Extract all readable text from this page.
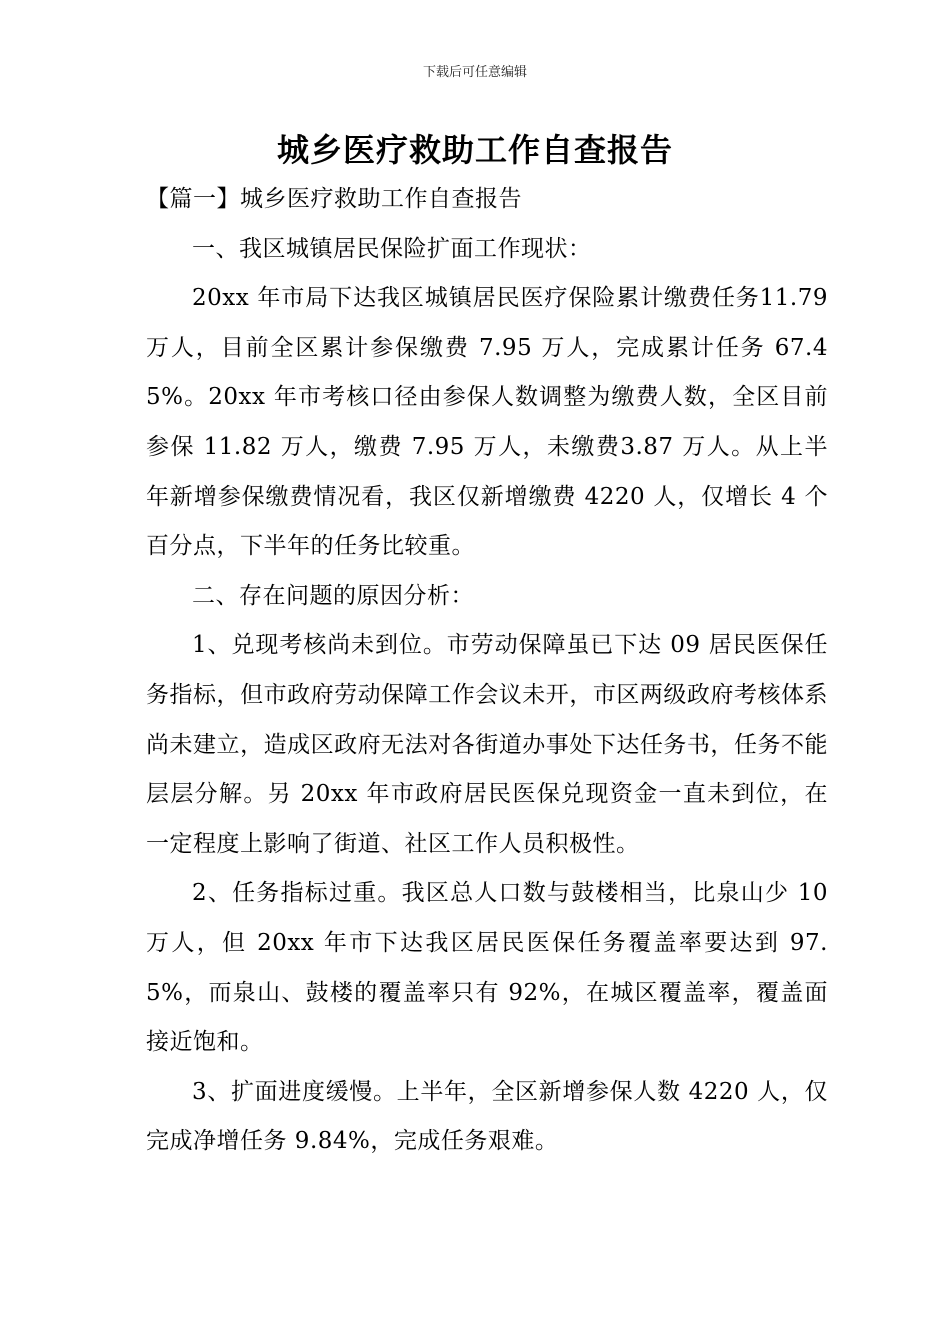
下载后可任意编辑
城乡医疗救助工作自查报告

【篇一】城乡医疗救助工作自查报告

一、我区城镇居民保险扩面工作现状：

20xx 年市局下达我区城镇居民医疗保险累计缴费任务11.79 万人，目前全区累计参保缴费 7.95 万人，完成累计任务 67.45%。20xx 年市考核口径由参保人数调整为缴费人数，全区目前参保 11.82 万人，缴费 7.95 万人，未缴费3.87 万人。从上半年新增参保缴费情况看，我区仅新增缴费 4220 人，仅增长 4 个百分点，下半年的任务比较重。

二、存在问题的原因分析：

1、兑现考核尚未到位。市劳动保障虽已下达 09 居民医保任务指标，但市政府劳动保障工作会议未开，市区两级政府考核体系尚未建立，造成区政府无法对各街道办事处下达任务书，任务不能层层分解。另 20xx 年市政府居民医保兑现资金一直未到位，在一定程度上影响了街道、社区工作人员积极性。

2、任务指标过重。我区总人口数与鼓楼相当，比泉山少 10 万人，但 20xx 年市下达我区居民医保任务覆盖率要达到 97.5%，而泉山、鼓楼的覆盖率只有 92%，在城区覆盖率，覆盖面接近饱和。

3、扩面进度缓慢。上半年，全区新增参保人数 4220 人，仅完成净增任务 9.84%，完成任务艰难。
